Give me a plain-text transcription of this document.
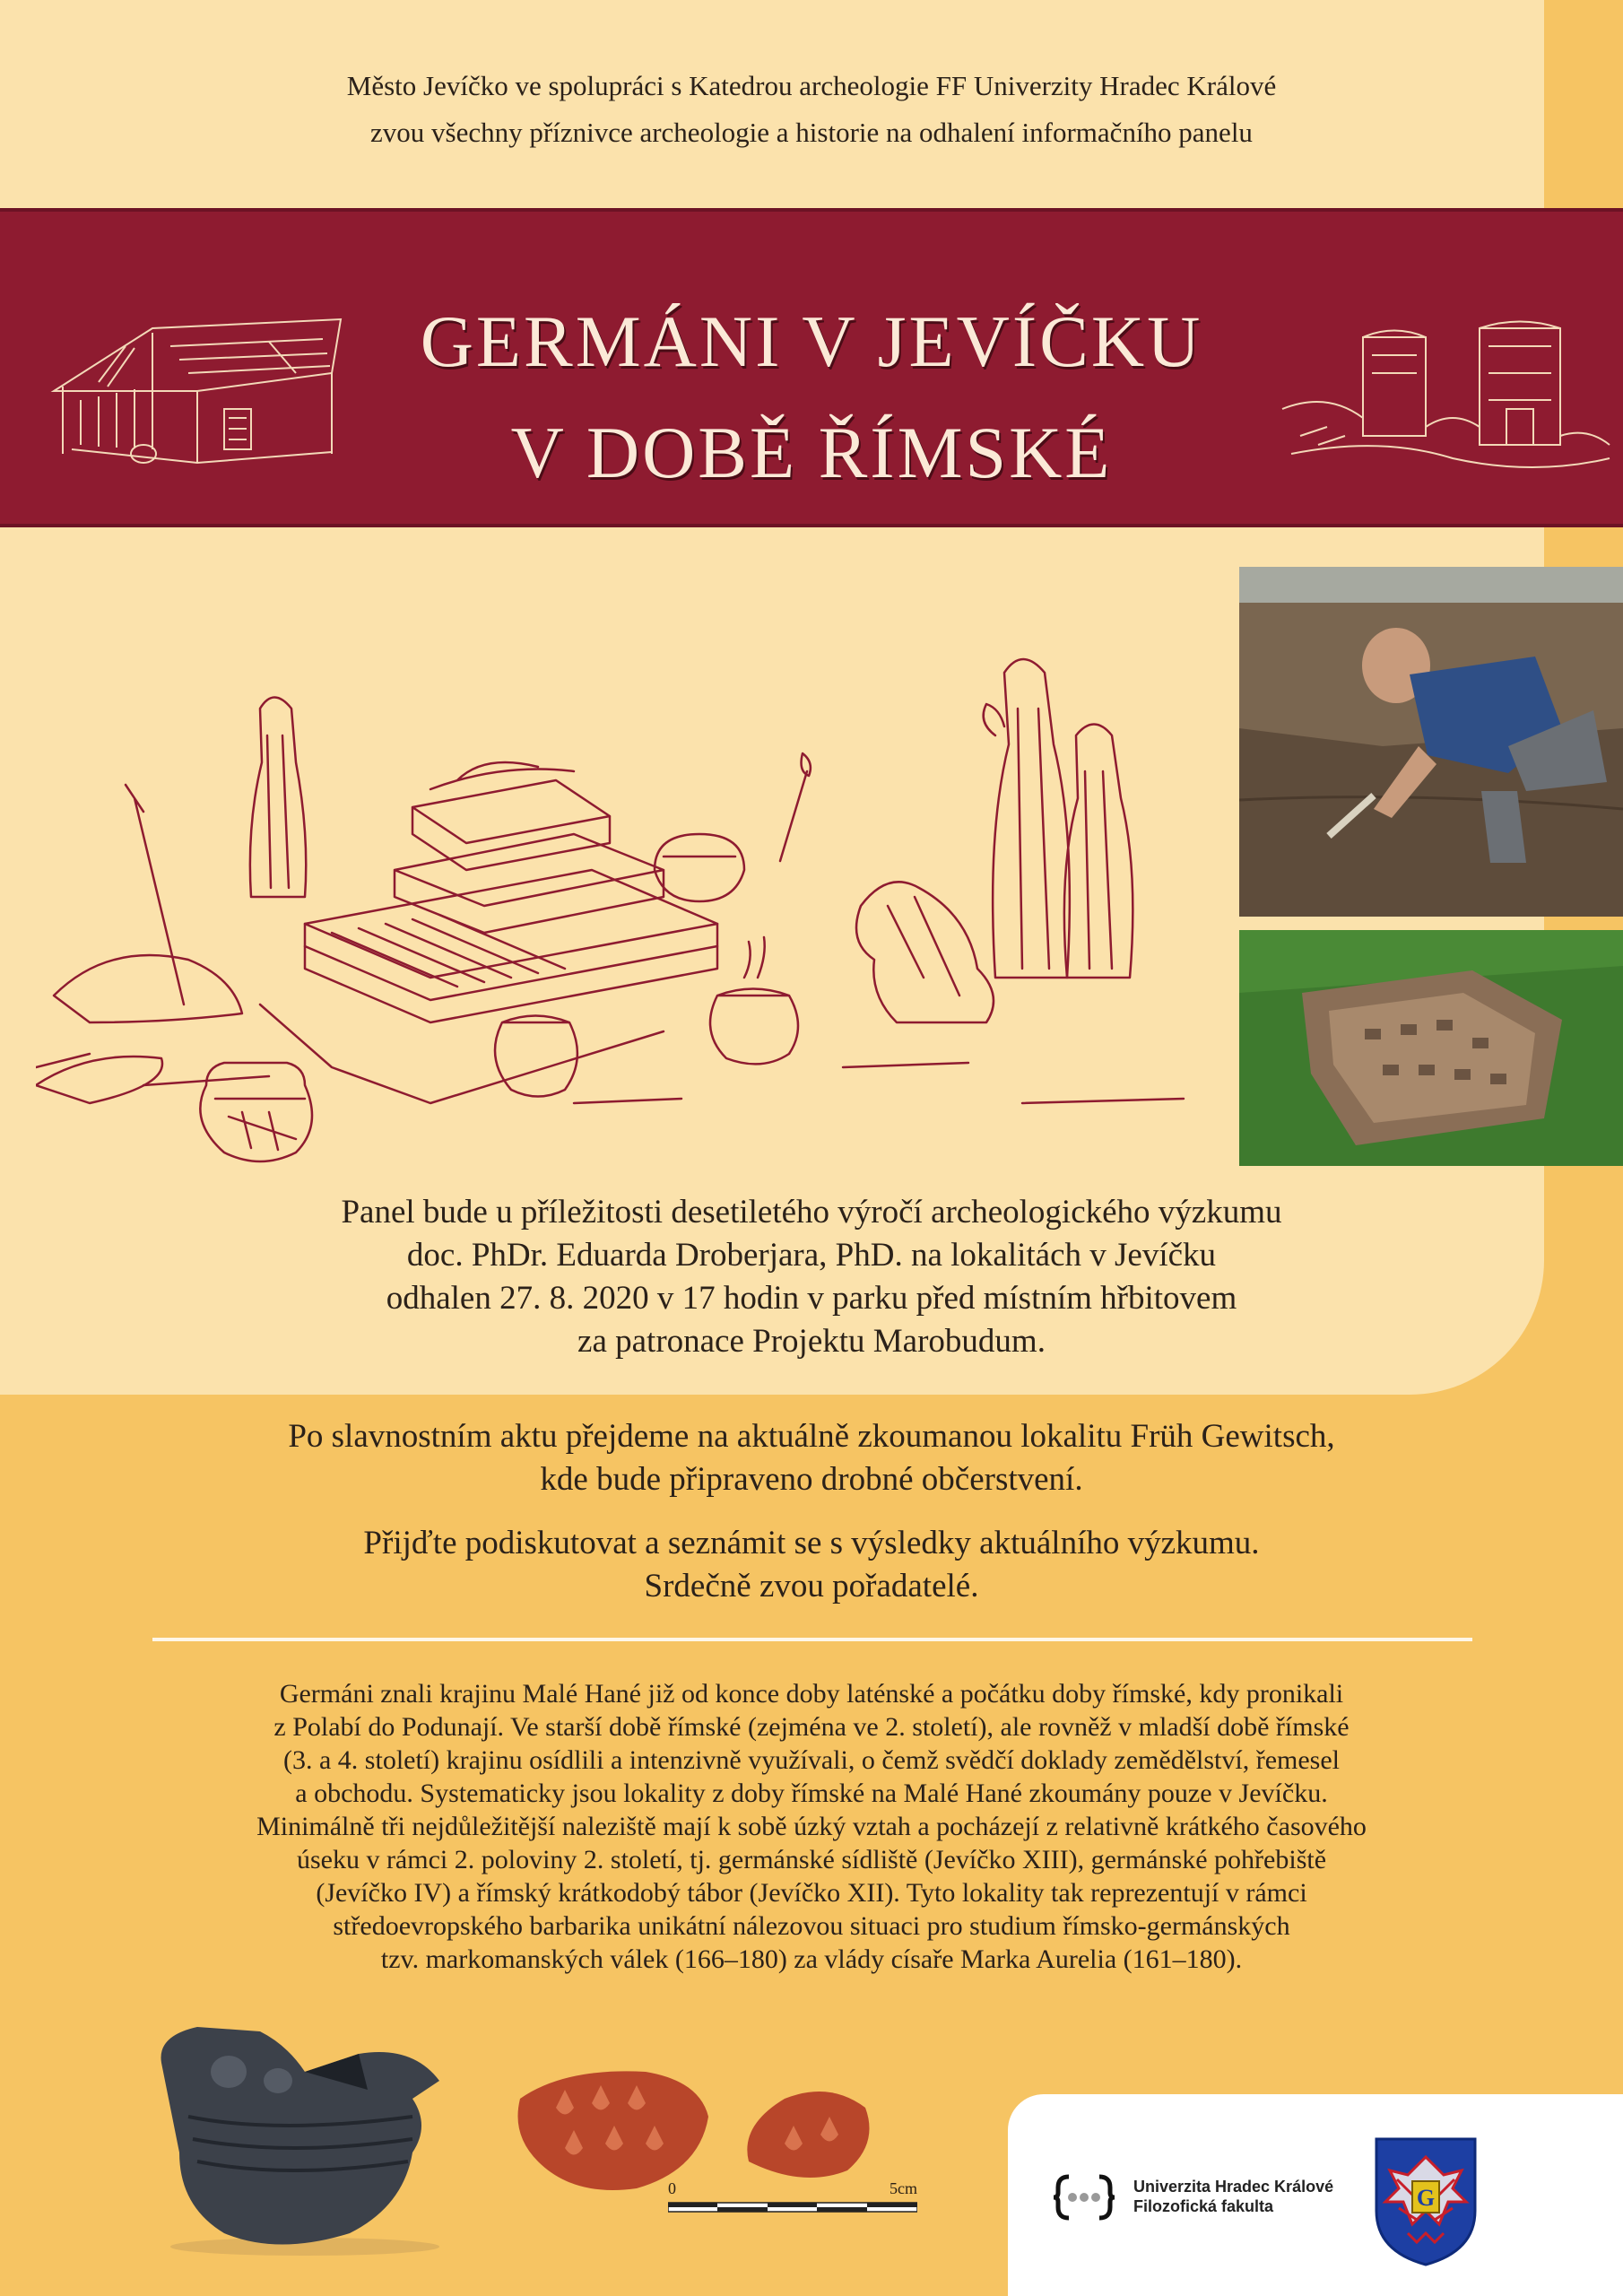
Město Jevíčko ve spolupráci s Katedrou archeologie FF Univerzity Hradec Králové
zvou všechny příznivce archeologie a historie na odhalení informačního panelu
GERMÁNI V JEVÍČKU
V DOBĚ ŘÍMSKÉ
Panel bude u příležitosti desetiletého výročí archeologického výzkumu
doc. PhDr. Eduarda Droberjara, PhD. na lokalitách v Jevíčku
odhalen 27. 8. 2020 v 17 hodin v parku před místním hřbitovem
za patronace Projektu Marobudum.
Po slavnostním aktu přejdeme na aktuálně zkoumanou lokalitu Früh Gewitsch,
kde bude připraveno drobné občerstvení.
Přijďte podiskutovat a seznámit se s výsledky aktuálního výzkumu.
Srdečně zvou pořadatelé.
Germáni znali krajinu Malé Hané již od konce doby laténské a počátku doby římské, kdy pronikali
z Polabí do Podunají. Ve starší době římské (zejména ve 2. století), ale rovněž v mladší době římské
(3. a 4. století) krajinu osídlili a intenzivně využívali, o čemž svědčí doklady zemědělství, řemesel
a obchodu. Systematicky jsou lokality z doby římské na Malé Hané zkoumány pouze v Jevíčku.
Minimálně tři nejdůležitější naleziště mají k sobě úzký vztah a pocházejí z relativně krátkého časového
úseku v rámci 2. poloviny 2. století, tj. germánské sídliště (Jevíčko XIII), germánské pohřebiště
(Jevíčko IV) a římský krátkodobý tábor (Jevíčko XII). Tyto lokality tak reprezentují v rámci
středoevropského barbarika unikátní nálezovou situaci pro studium římsko-germánských
tzv. markomanských válek (166–180) za vlády císaře Marka Aurelia (161–180).
0	5cm	Univerzita Hradec Králové
Filozofická fakulta	G
